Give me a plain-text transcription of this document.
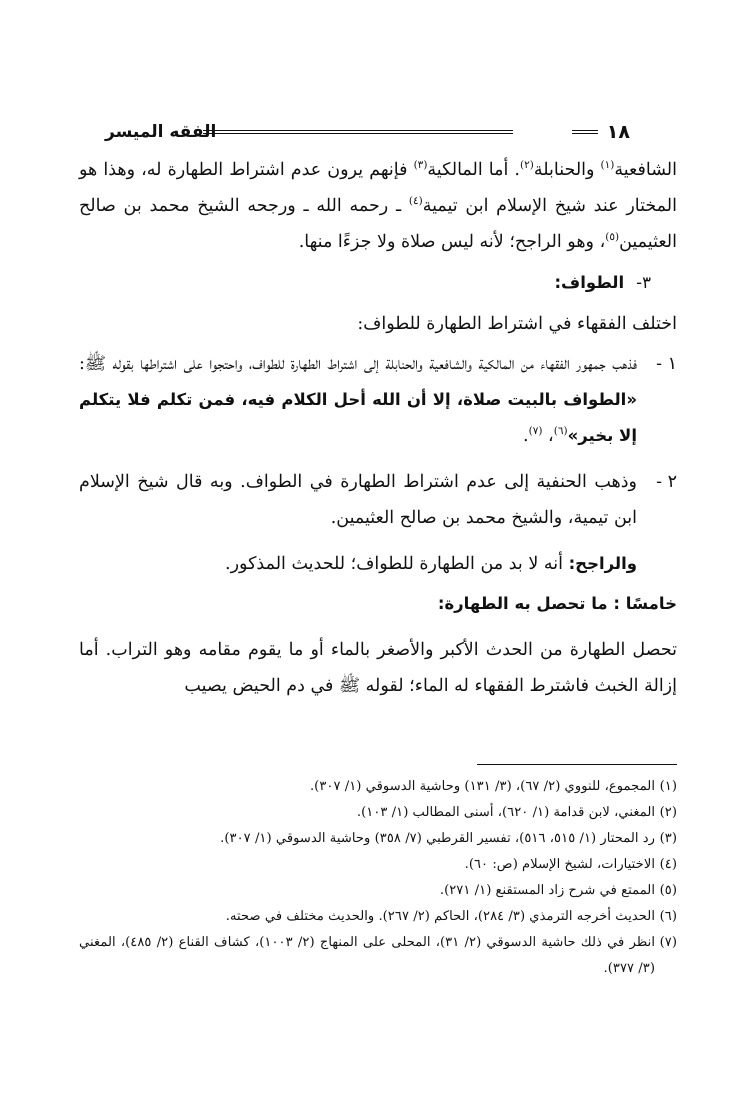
١٨
الفقه الميسر

الشافعية$^{(١)}$ والحنابلة$^{(٢)}$. أما المالكية$^{(٣)}$ فإنهم يرون عدم اشتراط الطهارة له، وهذا هو المختار عند شيخ الإسلام ابن تيمية$^{(٤)}$ ـ رحمه الله ـ ورجحه الشيخ محمد بن صالح العثيمين$^{(٥)}$، وهو الراجح؛ لأنه ليس صلاة ولا جزءًا منها.

٣-الطواف:

اختلف الفقهاء في اشتراط الطهارة للطواف:

١ -

فذهب جمهور الفقهاء من المالكية والشافعية والحنابلة إلى اشتراط الطهارة للطواف، واحتجوا على اشتراطها بقوله ﷺ: «الطواف بالبيت صلاة، إلا أن الله أحل الكلام فيه، فمن تكلم فلا يتكلم إلا بخير»$^{(٦)}$، $^{(٧)}$.

٢ -

وذهب الحنفية إلى عدم اشتراط الطهارة في الطواف. وبه قال شيخ الإسلام ابن تيمية، والشيخ محمد بن صالح العثيمين.

والراجح: أنه لا بد من الطهارة للطواف؛ للحديث المذكور.

خامسًا : ما تحصل به الطهارة:

تحصل الطهارة من الحدث الأكبر والأصغر بالماء أو ما يقوم مقامه وهو التراب. أما إزالة الخبث فاشترط الفقهاء له الماء؛ لقوله ﷺ في دم الحيض يصيب

(١)
المجموع، للنووي (٢/ ٦٧)، (٣/ ١٣١) وحاشية الدسوقي (١/ ٣٠٧).

(٢)
المغني، لابن قدامة (١/ ٦٢٠)، أسنى المطالب (١/ ١٠٣).

(٣)
رد المحتار (١/ ٥١٥، ٥١٦)، تفسير القرطبي (٧/ ٣٥٨) وحاشية الدسوقي (١/ ٣٠٧).

(٤)
الاختيارات، لشيخ الإسلام (ص: ٦٠).

(٥)
الممتع في شرح زاد المستقنع (١/ ٢٧١).

(٦)
الحديث أخرجه الترمذي (٣/ ٢٨٤)، الحاكم (٢/ ٢٦٧). والحديث مختلف في صحته.

(٧)
انظر في ذلك حاشية الدسوقي (٢/ ٣١)، المحلى على المنهاج (٢/ ١٠٠٣)، كشاف القناع (٢/ ٤٨٥)، المغني (٣/ ٣٧٧).
